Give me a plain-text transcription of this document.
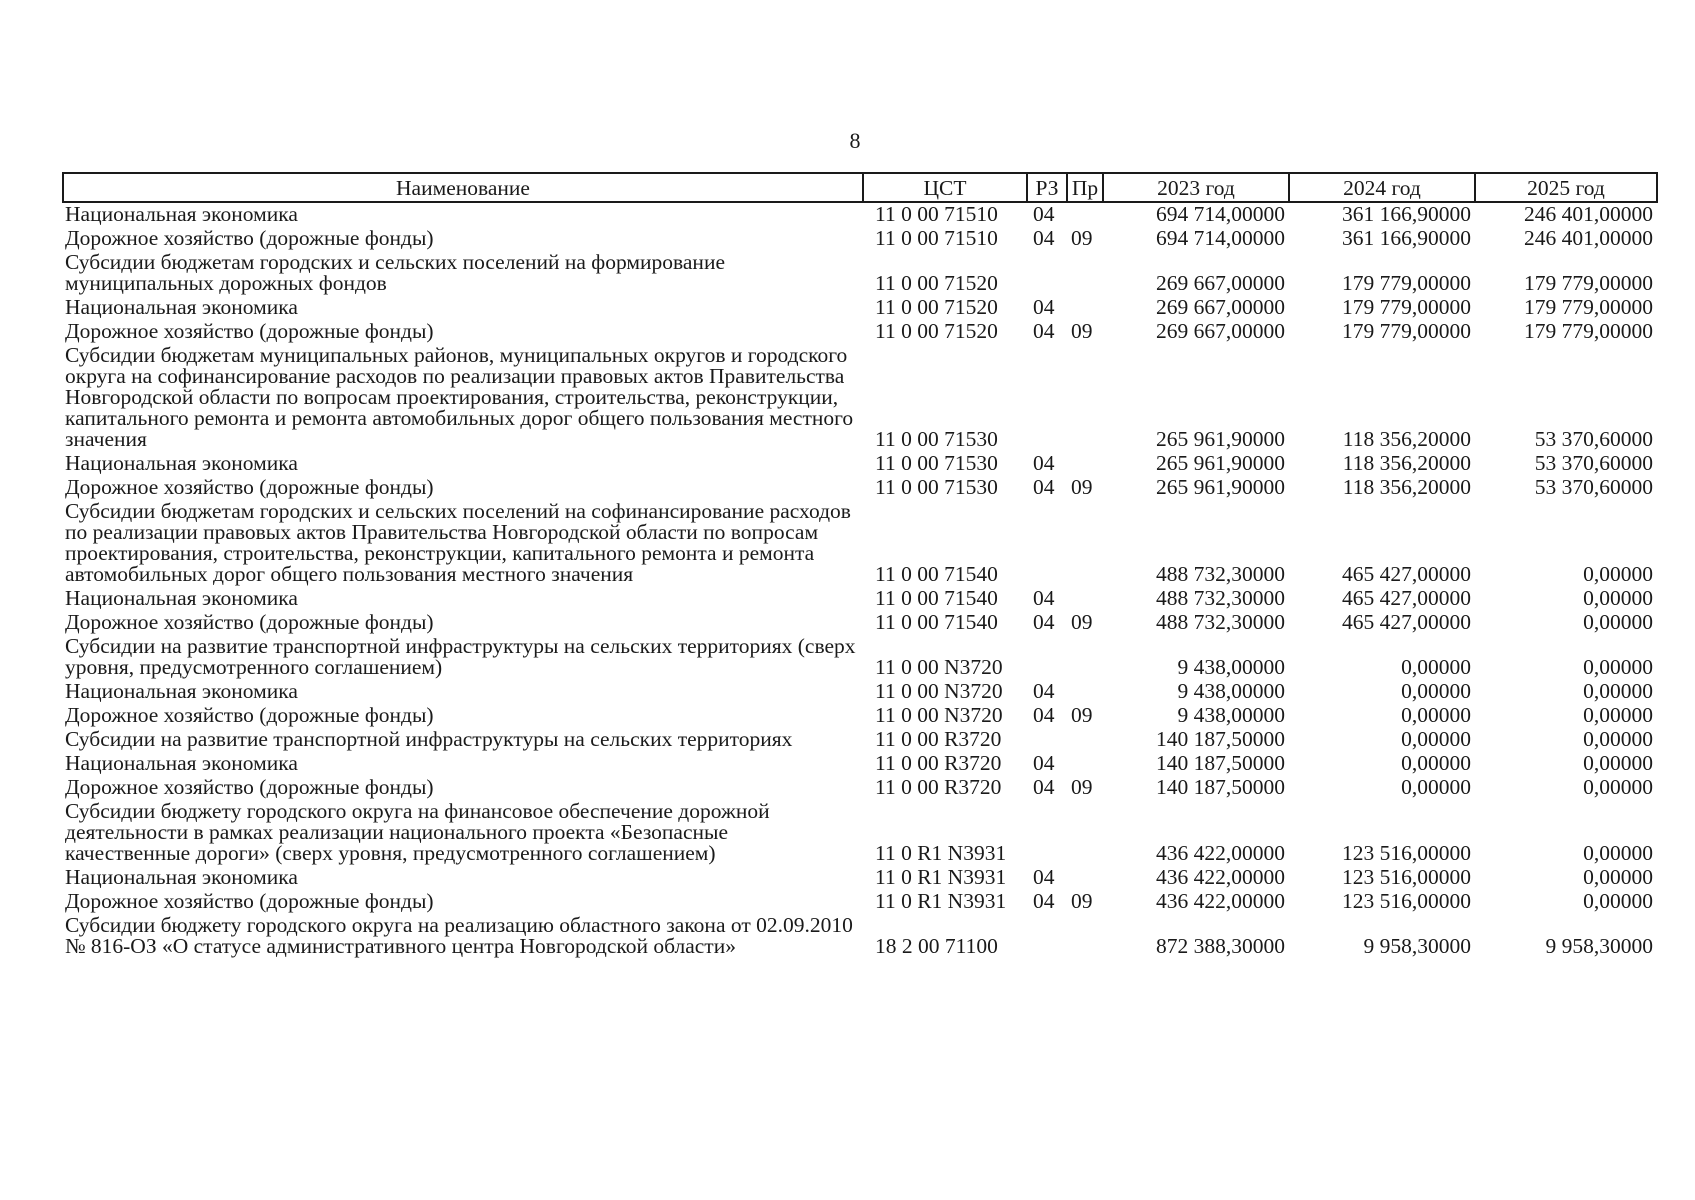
8
Наименование	ЦСТ	РЗ	Пр	2023 год	2024 год	2025 год
Национальная экономика	11 0 00 71510	04		694 714,00000	361 166,90000	246 401,00000
Дорожное хозяйство (дорожные фонды)	11 0 00 71510	04	09	694 714,00000	361 166,90000	246 401,00000
Субсидии бюджетам городских и сельских поселений на формирование муниципальных дорожных фондов	11 0 00 71520			269 667,00000	179 779,00000	179 779,00000
Национальная экономика	11 0 00 71520	04		269 667,00000	179 779,00000	179 779,00000
Дорожное хозяйство (дорожные фонды)	11 0 00 71520	04	09	269 667,00000	179 779,00000	179 779,00000
Субсидии бюджетам муниципальных районов, муниципальных округов и городского округа на софинансирование расходов по реализации правовых актов Правительства Новгородской области по вопросам проектирования, строительства, реконструкции, капитального ремонта и ремонта автомобильных дорог общего пользования местного значения	11 0 00 71530			265 961,90000	118 356,20000	53 370,60000
Национальная экономика	11 0 00 71530	04		265 961,90000	118 356,20000	53 370,60000
Дорожное хозяйство (дорожные фонды)	11 0 00 71530	04	09	265 961,90000	118 356,20000	53 370,60000
Субсидии бюджетам городских и сельских поселений на софинансирование расходов по реализации правовых актов Правительства Новгородской области по вопросам проектирования, строительства, реконструкции, капитального ремонта и ремонта автомобильных дорог общего пользования местного значения	11 0 00 71540			488 732,30000	465 427,00000	0,00000
Национальная экономика	11 0 00 71540	04		488 732,30000	465 427,00000	0,00000
Дорожное хозяйство (дорожные фонды)	11 0 00 71540	04	09	488 732,30000	465 427,00000	0,00000
Субсидии на развитие транспортной инфраструктуры на сельских территориях (сверх уровня, предусмотренного соглашением)	11 0 00 N3720			9 438,00000	0,00000	0,00000
Национальная экономика	11 0 00 N3720	04		9 438,00000	0,00000	0,00000
Дорожное хозяйство (дорожные фонды)	11 0 00 N3720	04	09	9 438,00000	0,00000	0,00000
Субсидии на развитие транспортной инфраструктуры на сельских территориях	11 0 00 R3720			140 187,50000	0,00000	0,00000
Национальная экономика	11 0 00 R3720	04		140 187,50000	0,00000	0,00000
Дорожное хозяйство (дорожные фонды)	11 0 00 R3720	04	09	140 187,50000	0,00000	0,00000
Субсидии бюджету городского округа на финансовое обеспечение дорожной деятельности в рамках реализации национального проекта «Безопасные качественные дороги» (сверх уровня, предусмотренного соглашением)	11 0 R1 N3931			436 422,00000	123 516,00000	0,00000
Национальная экономика	11 0 R1 N3931	04		436 422,00000	123 516,00000	0,00000
Дорожное хозяйство (дорожные фонды)	11 0 R1 N3931	04	09	436 422,00000	123 516,00000	0,00000
Субсидии бюджету городского округа на реализацию областного закона от 02.09.2010 № 816-ОЗ «О статусе административного центра Новгородской области»	18 2 00 71100			872 388,30000	9 958,30000	9 958,30000
